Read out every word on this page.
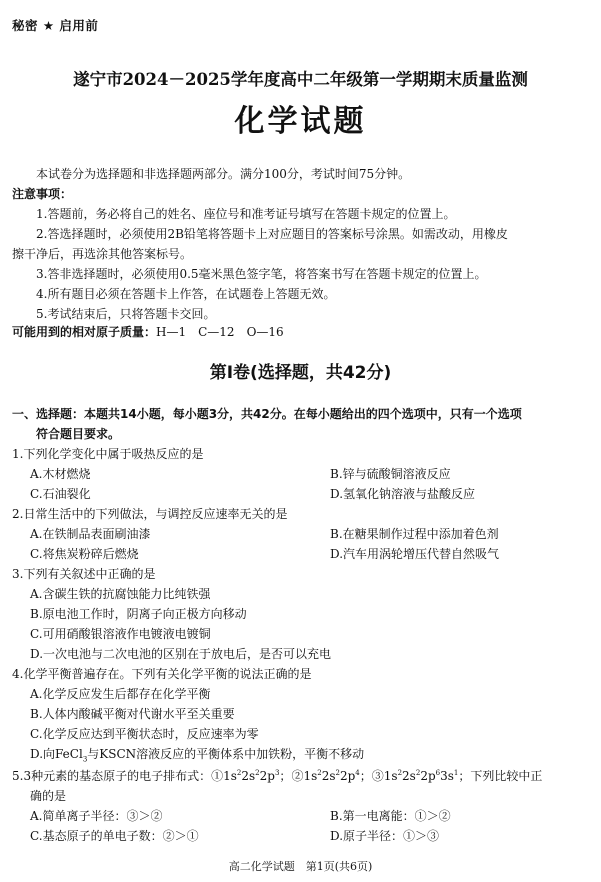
秘密 ★ 启用前
遂宁市2024－2025学年度高中二年级第一学期期末质量监测
化学试题
本试卷分为选择题和非选择题两部分。满分100分，考试时间75分钟。
注意事项：
1.答题前，务必将自己的姓名、座位号和准考证号填写在答题卡规定的位置上。
2.答选择题时，必须使用2B铅笔将答题卡上对应题目的答案标号涂黑。如需改动，用橡皮
擦干净后，再选涂其他答案标号。
3.答非选择题时，必须使用0.5毫米黑色签字笔，将答案书写在答题卡规定的位置上。
4.所有题目必须在答题卡上作答，在试题卷上答题无效。
5.考试结束后，只将答题卡交回。
可能用到的相对原子质量：H—1　C—12　O—16
第Ⅰ卷(选择题，共42分)
一、选择题：本题共14小题，每小题3分，共42分。在每小题给出的四个选项中，只有一个选项
符合题目要求。
1.下列化学变化中属于吸热反应的是
A.木材燃烧	B.锌与硫酸铜溶液反应
C.石油裂化	D.氢氧化钠溶液与盐酸反应
2.日常生活中的下列做法，与调控反应速率无关的是
A.在铁制品表面刷油漆	B.在糖果制作过程中添加着色剂
C.将焦炭粉碎后燃烧	D.汽车用涡轮增压代替自然吸气
3.下列有关叙述中正确的是
A.含碳生铁的抗腐蚀能力比纯铁强
B.原电池工作时，阴离子向正极方向移动
C.可用硝酸银溶液作电镀液电镀铜
D.一次电池与二次电池的区别在于放电后，是否可以充电
4.化学平衡普遍存在。下列有关化学平衡的说法正确的是
A.化学反应发生后都存在化学平衡
B.人体内酸碱平衡对代谢水平至关重要
C.化学反应达到平衡状态时，反应速率为零
D.向FeCl$_3$与KSCN溶液反应的平衡体系中加铁粉，平衡不移动
5.3种元素的基态原子的电子排布式：$①1s^22s^22p^3$；$②1s^22s^22p^4$；$③1s^22s^22p^63s^1$；下列比较中正
确的是
A.简单离子半径：③＞②	B.第一电离能：①＞②
C.基态原子的单电子数：②＞①	D.原子半径：①＞③
高二化学试题　第1页(共6页)
